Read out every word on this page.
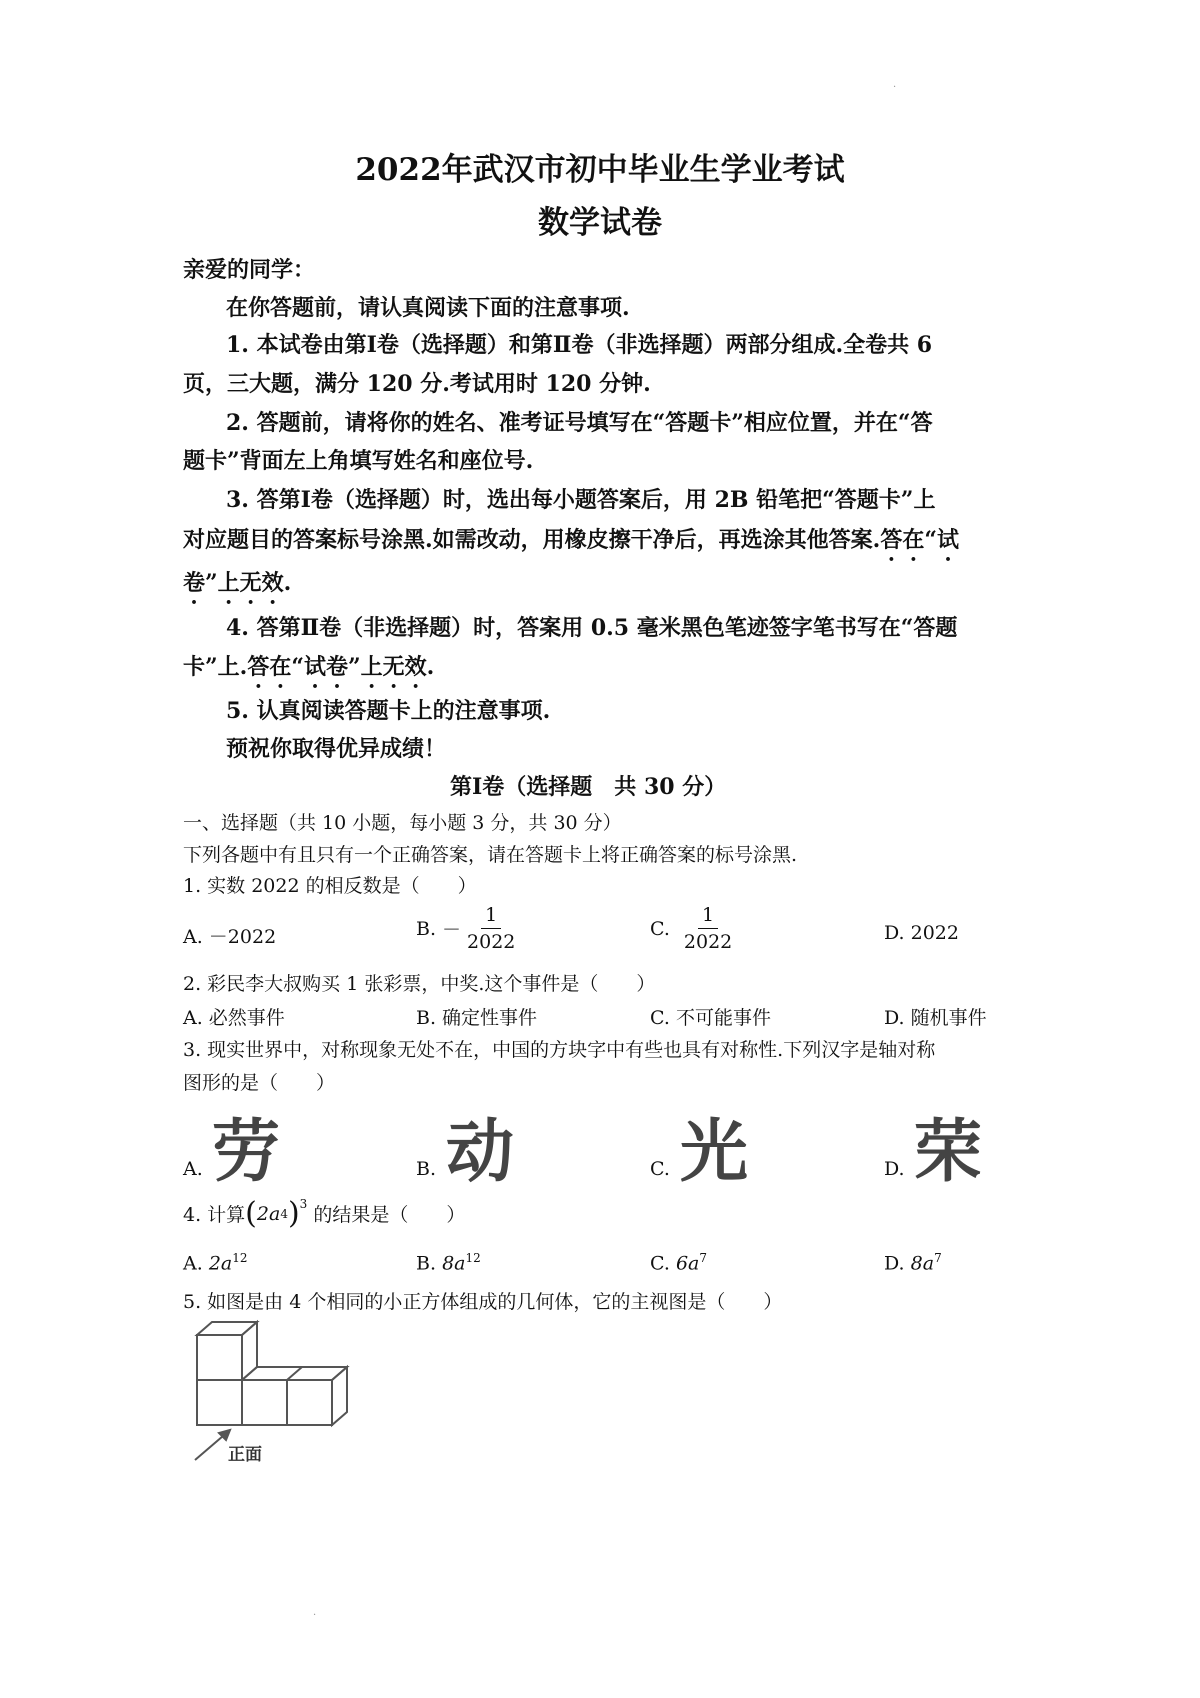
·
2022年武汉市初中毕业生学业考试
数学试卷
亲爱的同学：
在你答题前，请认真阅读下面的注意事项.
1. 本试卷由第Ⅰ卷（选择题）和第Ⅱ卷（非选择题）两部分组成.全卷共 6
页，三大题，满分 120 分.考试用时 120 分钟.
2. 答题前，请将你的姓名、准考证号填写在“答题卡”相应位置，并在“答
题卡”背面左上角填写姓名和座位号.
3. 答第Ⅰ卷（选择题）时，选出每小题答案后，用 2B 铅笔把“答题卡”上
对应题目的答案标号涂黑.如需改动，用橡皮擦干净后，再选涂其他答案.答在“试
卷”上无效.
4. 答第Ⅱ卷（非选择题）时，答案用 0.5 毫米黑色笔迹签字笔书写在“答题
卡”上.答在“试卷”上无效.
5. 认真阅读答题卡上的注意事项.
预祝你取得优异成绩！
第Ⅰ卷（选择题　共 30 分）
一、选择题（共 10 小题，每小题 3 分，共 30 分）
下列各题中有且只有一个正确答案，请在答题卡上将正确答案的标号涂黑.
1. 实数 2022 的相反数是（　　）
A. －2022	B. － $\frac{1}{2022}$	C. $\frac{1}{2022}$	D. 2022
2. 彩民李大叔购买 1 张彩票，中奖.这个事件是（　　）
A. 必然事件	B. 确定性事件	C. 不可能事件	D. 随机事件
3. 现实世界中，对称现象无处不在，中国的方块字中有些也具有对称性.下列汉字是轴对称
图形的是（　　）
A. 劳	B. 动	C. 光	D. 荣
4. 计算 ( 2a 4 ) 3
的结果是（　　）
A. $2a^{12}$	B. $8a^{12}$	C. $6a^7$	D. $8a^7$
5. 如图是由 4 个相同的小正方体组成的几何体，它的主视图是（　　）
正面
·
